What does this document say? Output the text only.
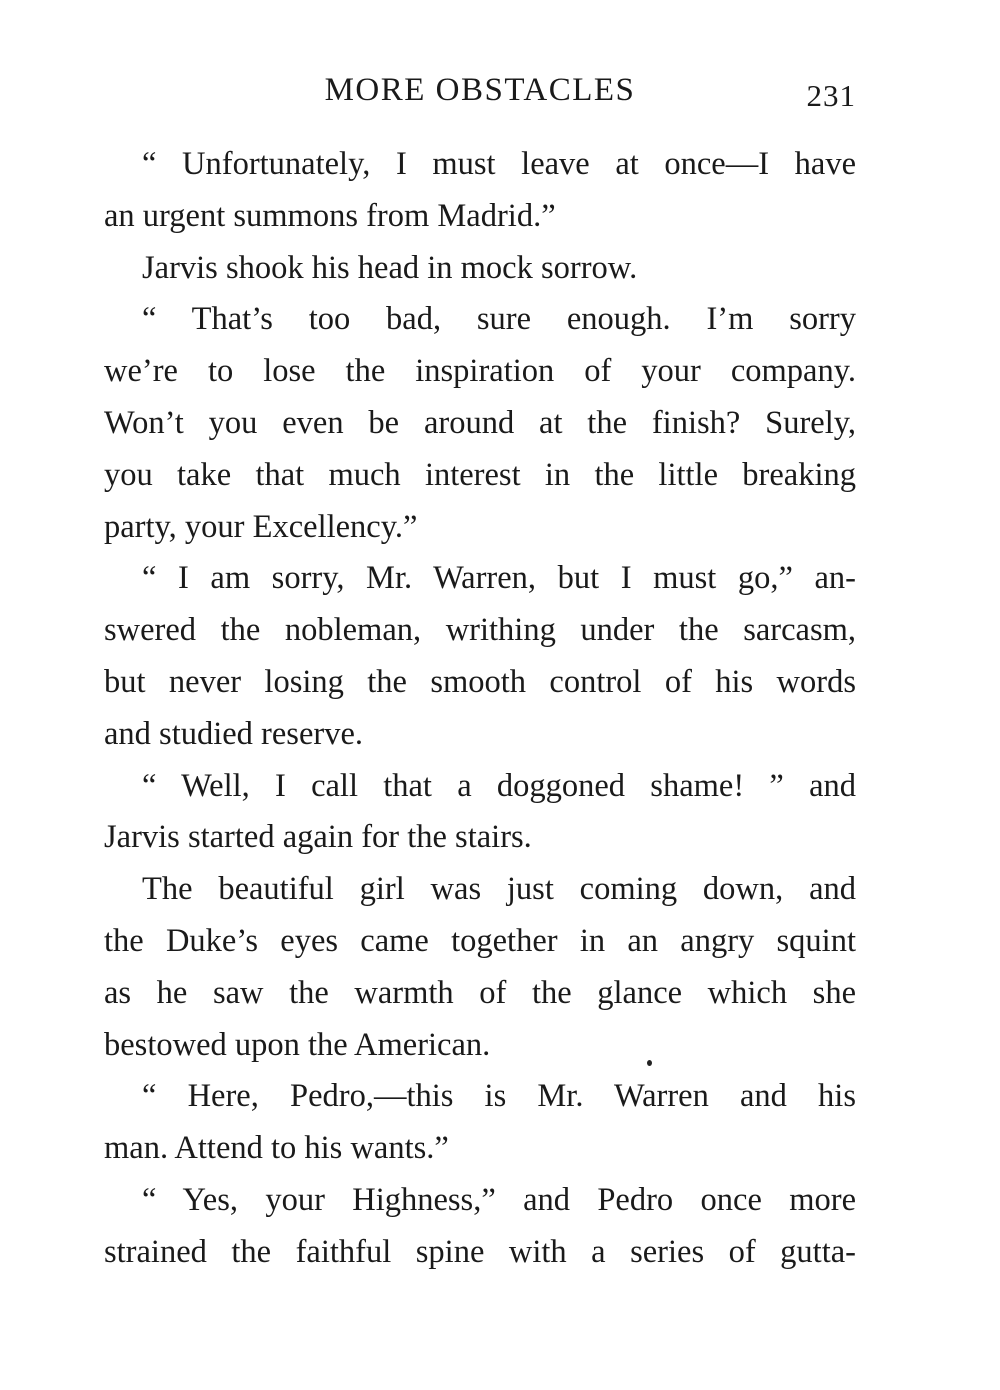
MORE OBSTACLES	231
“ Unfortunately, I must leave at once—I have
an urgent summons from Madrid.”
Jarvis shook his head in mock sorrow.
“ That’s too bad, sure enough. I’m sorry
we’re to lose the inspiration of your company.
Won’t you even be around at the finish? Surely,
you take that much interest in the little breaking
party, your Excellency.”
“ I am sorry, Mr. Warren, but I must go,” an-
swered the nobleman, writhing under the sarcasm,
but never losing the smooth control of his words
and studied reserve.
“ Well, I call that a doggoned shame! ” and
Jarvis started again for the stairs.
The beautiful girl was just coming down, and
the Duke’s eyes came together in an angry squint
as he saw the warmth of the glance which she
bestowed upon the American.
“ Here, Pedro,—this is Mr. Warren and his
man. Attend to his wants.”
“ Yes, your Highness,” and Pedro once more
strained the faithful spine with a series of gutta-
